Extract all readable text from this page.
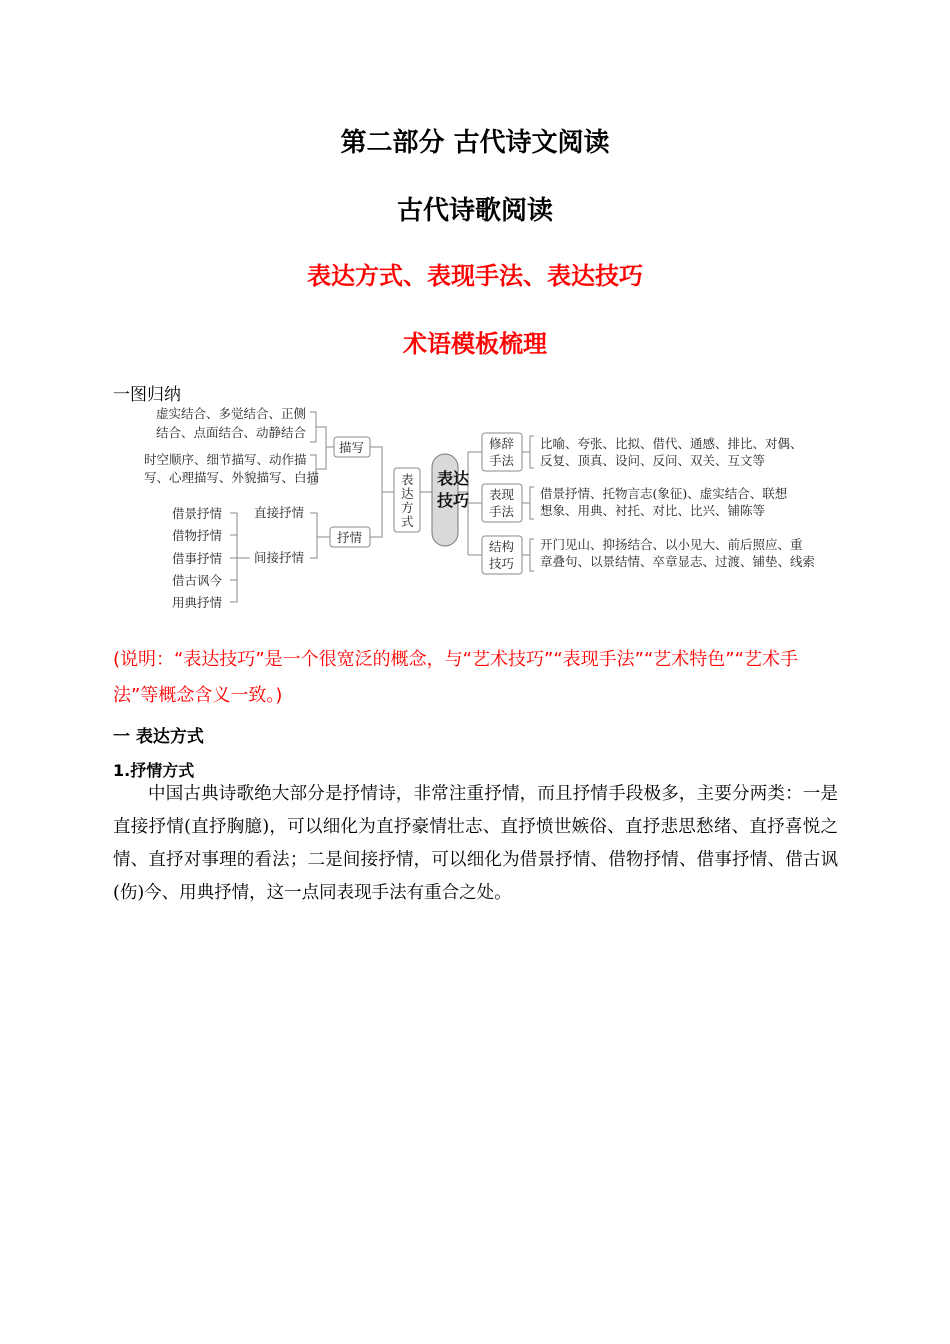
第二部分 古代诗文阅读
古代诗歌阅读
表达方式、表现手法、表达技巧
术语模板梳理
一图归纳
虚实结合、多觉结合、正侧
结合、点面结合、动静结合
时空顺序、细节描写、动作描
写、心理描写、外貌描写、白描
描写
借景抒情
借物抒情
借事抒情
借古讽今
用典抒情
直接抒情
间接抒情
抒情
表
达
方
式
表达
技巧
修辞
手法
表现
手法
结构
技巧
比喻、夸张、比拟、借代、通感、排比、对偶、
反复、顶真、设问、反问、双关、互文等
借景抒情、托物言志(象征)、虚实结合、联想
想象、用典、衬托、对比、比兴、铺陈等
开门见山、抑扬结合、以小见大、前后照应、重
章叠句、以景结情、卒章显志、过渡、铺垫、线索
(说明：“表达技巧”是一个很宽泛的概念，与“艺术技巧”“表现手法”“艺术特色”“艺术手法”等概念含义一致。)
一 表达方式
1.抒情方式
中国古典诗歌绝大部分是抒情诗，非常注重抒情，而且抒情手段极多，主要分两类：一是直接抒情(直抒胸臆)，可以细化为直抒豪情壮志、直抒愤世嫉俗、直抒悲思愁绪、直抒喜悦之情、直抒对事理的看法；二是间接抒情，可以细化为借景抒情、借物抒情、借事抒情、借古讽(伤)今、用典抒情，这一点同表现手法有重合之处。
